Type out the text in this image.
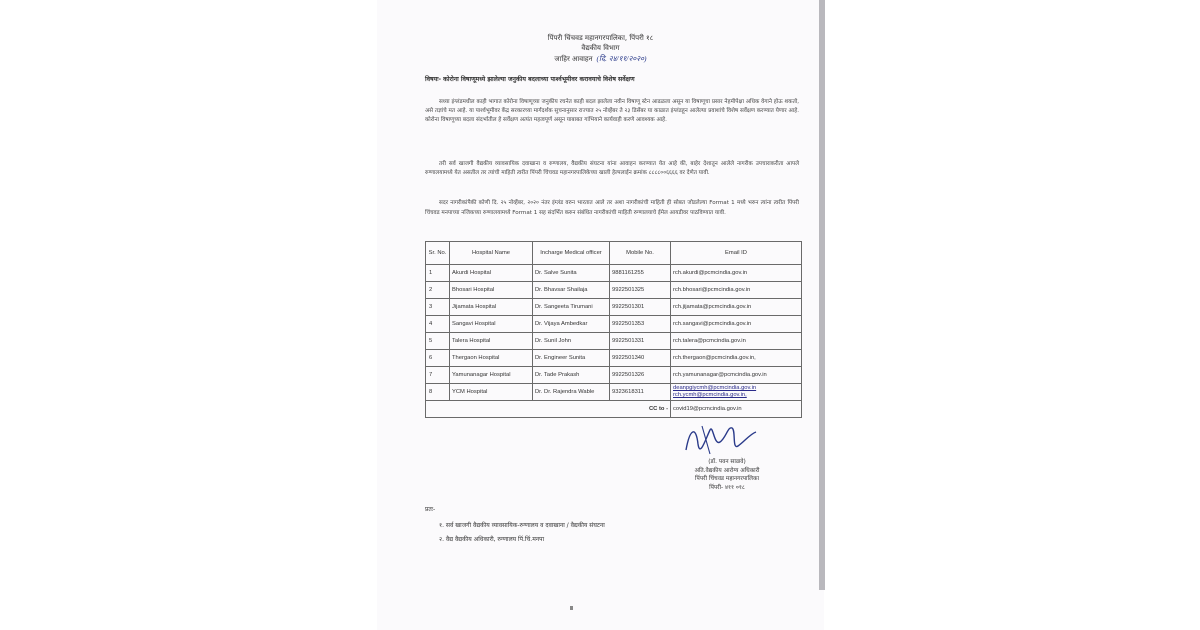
पिंपरी चिंचवड महानगरपालिका, पिंपरी १८
वैद्यकीय विभाग
जाहिर आवाहन (दि. २४/११/२०२०)
विषयः- कोरोना विषाणूमध्ये झालेल्या जनुकीय बदलाच्या पार्श्वभूमीवर करावयाचे विशेष सर्वेक्षण
सध्या इंग्लंडमधील काही भागात कोरोना विषाणूच्या जनुकीय रचनेत काही बदल झालेला नवीन विषाणू स्टेन आढळला असून या विषाणूचा प्रसार नेहमीपेक्षा अधिक वेगाने होऊ शकतो, असे तज्ञांचे मत आहे. या पार्श्वभूमीवर केंद्र सरकारच्या मार्गदर्शक सुचनानुसार राज्यात २५ नोव्हेंबर ते २३ डिसेंबर या काळात इंग्लंडहून आलेल्या प्रवाशांचे विशेष सर्वेक्षण करण्यात येणार आहे. कोरोना विषाणूच्या बदला संदर्भातील हे सर्वेक्षण अत्यंत महत्वपूर्ण असून याबाबत गांभियाने कार्यवाही करणे आवश्यक आहे.
तरी सर्व खाजगी वैद्यकीय व्यावसायिक दवाखाना व रुग्णालय, वैद्यकीय संघटना यांना आवाहन करण्यात येत आहे की, बाहेर देशातून आलेले नागरीक उपचाराकरीता आपले रुग्णालयामध्ये येत असतील तर त्यांची माहिती त्वरीत पिंपरी चिंचवड महानगरपालिकेच्या खाली हेल्पलाईन क्रमांक ८८८८००६६६६ वर देणेत यावी.
सदर नागरीकांपैकी कोणी दि. २५ नोव्हेंबर, २०२० नंतर इंग्लंड वरुन भारतात आले तर अशा नागरीकांची माहिती ही सोबत जोडलेल्या Format 1 मध्ये भरुन त्यांना त्वरीत पिंपरी चिंचवड मनपाच्या नजिकच्या रुग्णालयामध्ये Format 1 सह संदर्भित करुन संबंधित नागरीकांची माहिती रुग्णालयाचे ईमेल आयडीवर पाठविण्यात यावी.
Sr. No.	Hospital Name	Incharge Medical officer	Mobile No.	Email ID
1	Akurdi Hospital	Dr. Salve Sunita	9881161255	rch.akurdi@pcmcindia.gov.in
2	Bhosari Hospital	Dr. Bhavsar Shailaja	9922501325	rch.bhosari@pcmcindia.gov.in
3	Jijamata Hospital	Dr. Sangeeta Tirumani	9922501301	rch.jijamata@pcmcindia.gov.in
4	Sangavi Hospital	Dr. Vijaya Ambedkar	9922501353	rch.sangavi@pcmcindia.gov.in
5	Talera Hospital	Dr. Sunil John	9922501331	rch.talera@pcmcindia.gov.in
6	Thergaon Hospital	Dr. Engineer Sunita	9922501340	rch.thergaon@pcmcindia.gov.in,
7	Yamunanagar Hospital	Dr. Tade Prakash	9922501326	rch.yamunanagar@pcmcindia.gov.in
8	YCM Hospital	Dr. Dr. Rajendra Wable	9323618311	deanpgiycmh@pcmcindia.gov.in
rch.ycmh@pcmcindia.gov.in,

CC to -				covid19@pcmcindia.gov.in
(डॉ. पवन साळवे)
अति.वैद्यकीय आरोग्य अधिकारी
पिंपरी चिंचवड महानगरपालिका
पिंपरी- ४११ ०१८
प्रतः-
१. सर्व खाजगी वैद्यकीय व्यावसायिक-रुग्णालय व दवाखाना / वैद्यकीय संघटना
२. वैद्य वैद्यकीय अधिकारी, रुग्णालय पिं.चिं.मनपा
